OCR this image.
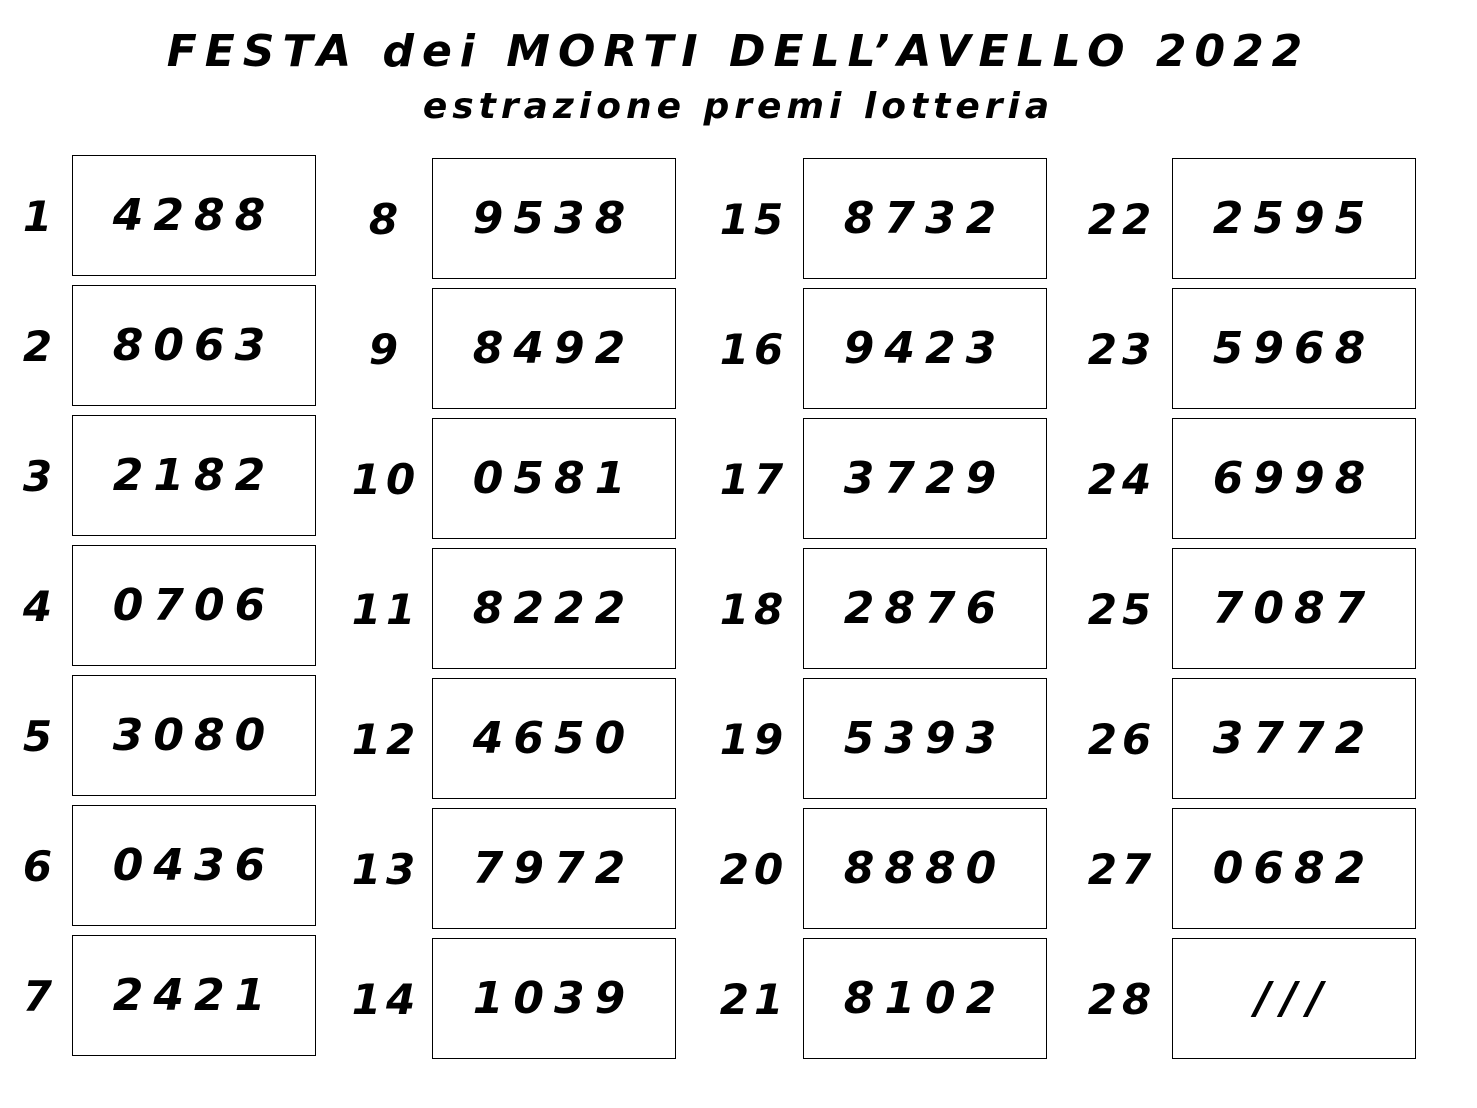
FESTA dei MORTI DELL’AVELLO 2022
estrazione premi lotteria
1	4288
2	8063
3	2182
4	0706
5	3080
6	0436
7	2421
8	9538
9	8492
10	0581
11	8222
12	4650
13	7972
14	1039
15	8732
16	9423
17	3729
18	2876
19	5393
20	8880
21	8102
22	2595
23	5968
24	6998
25	7087
26	3772
27	0682
28	///
